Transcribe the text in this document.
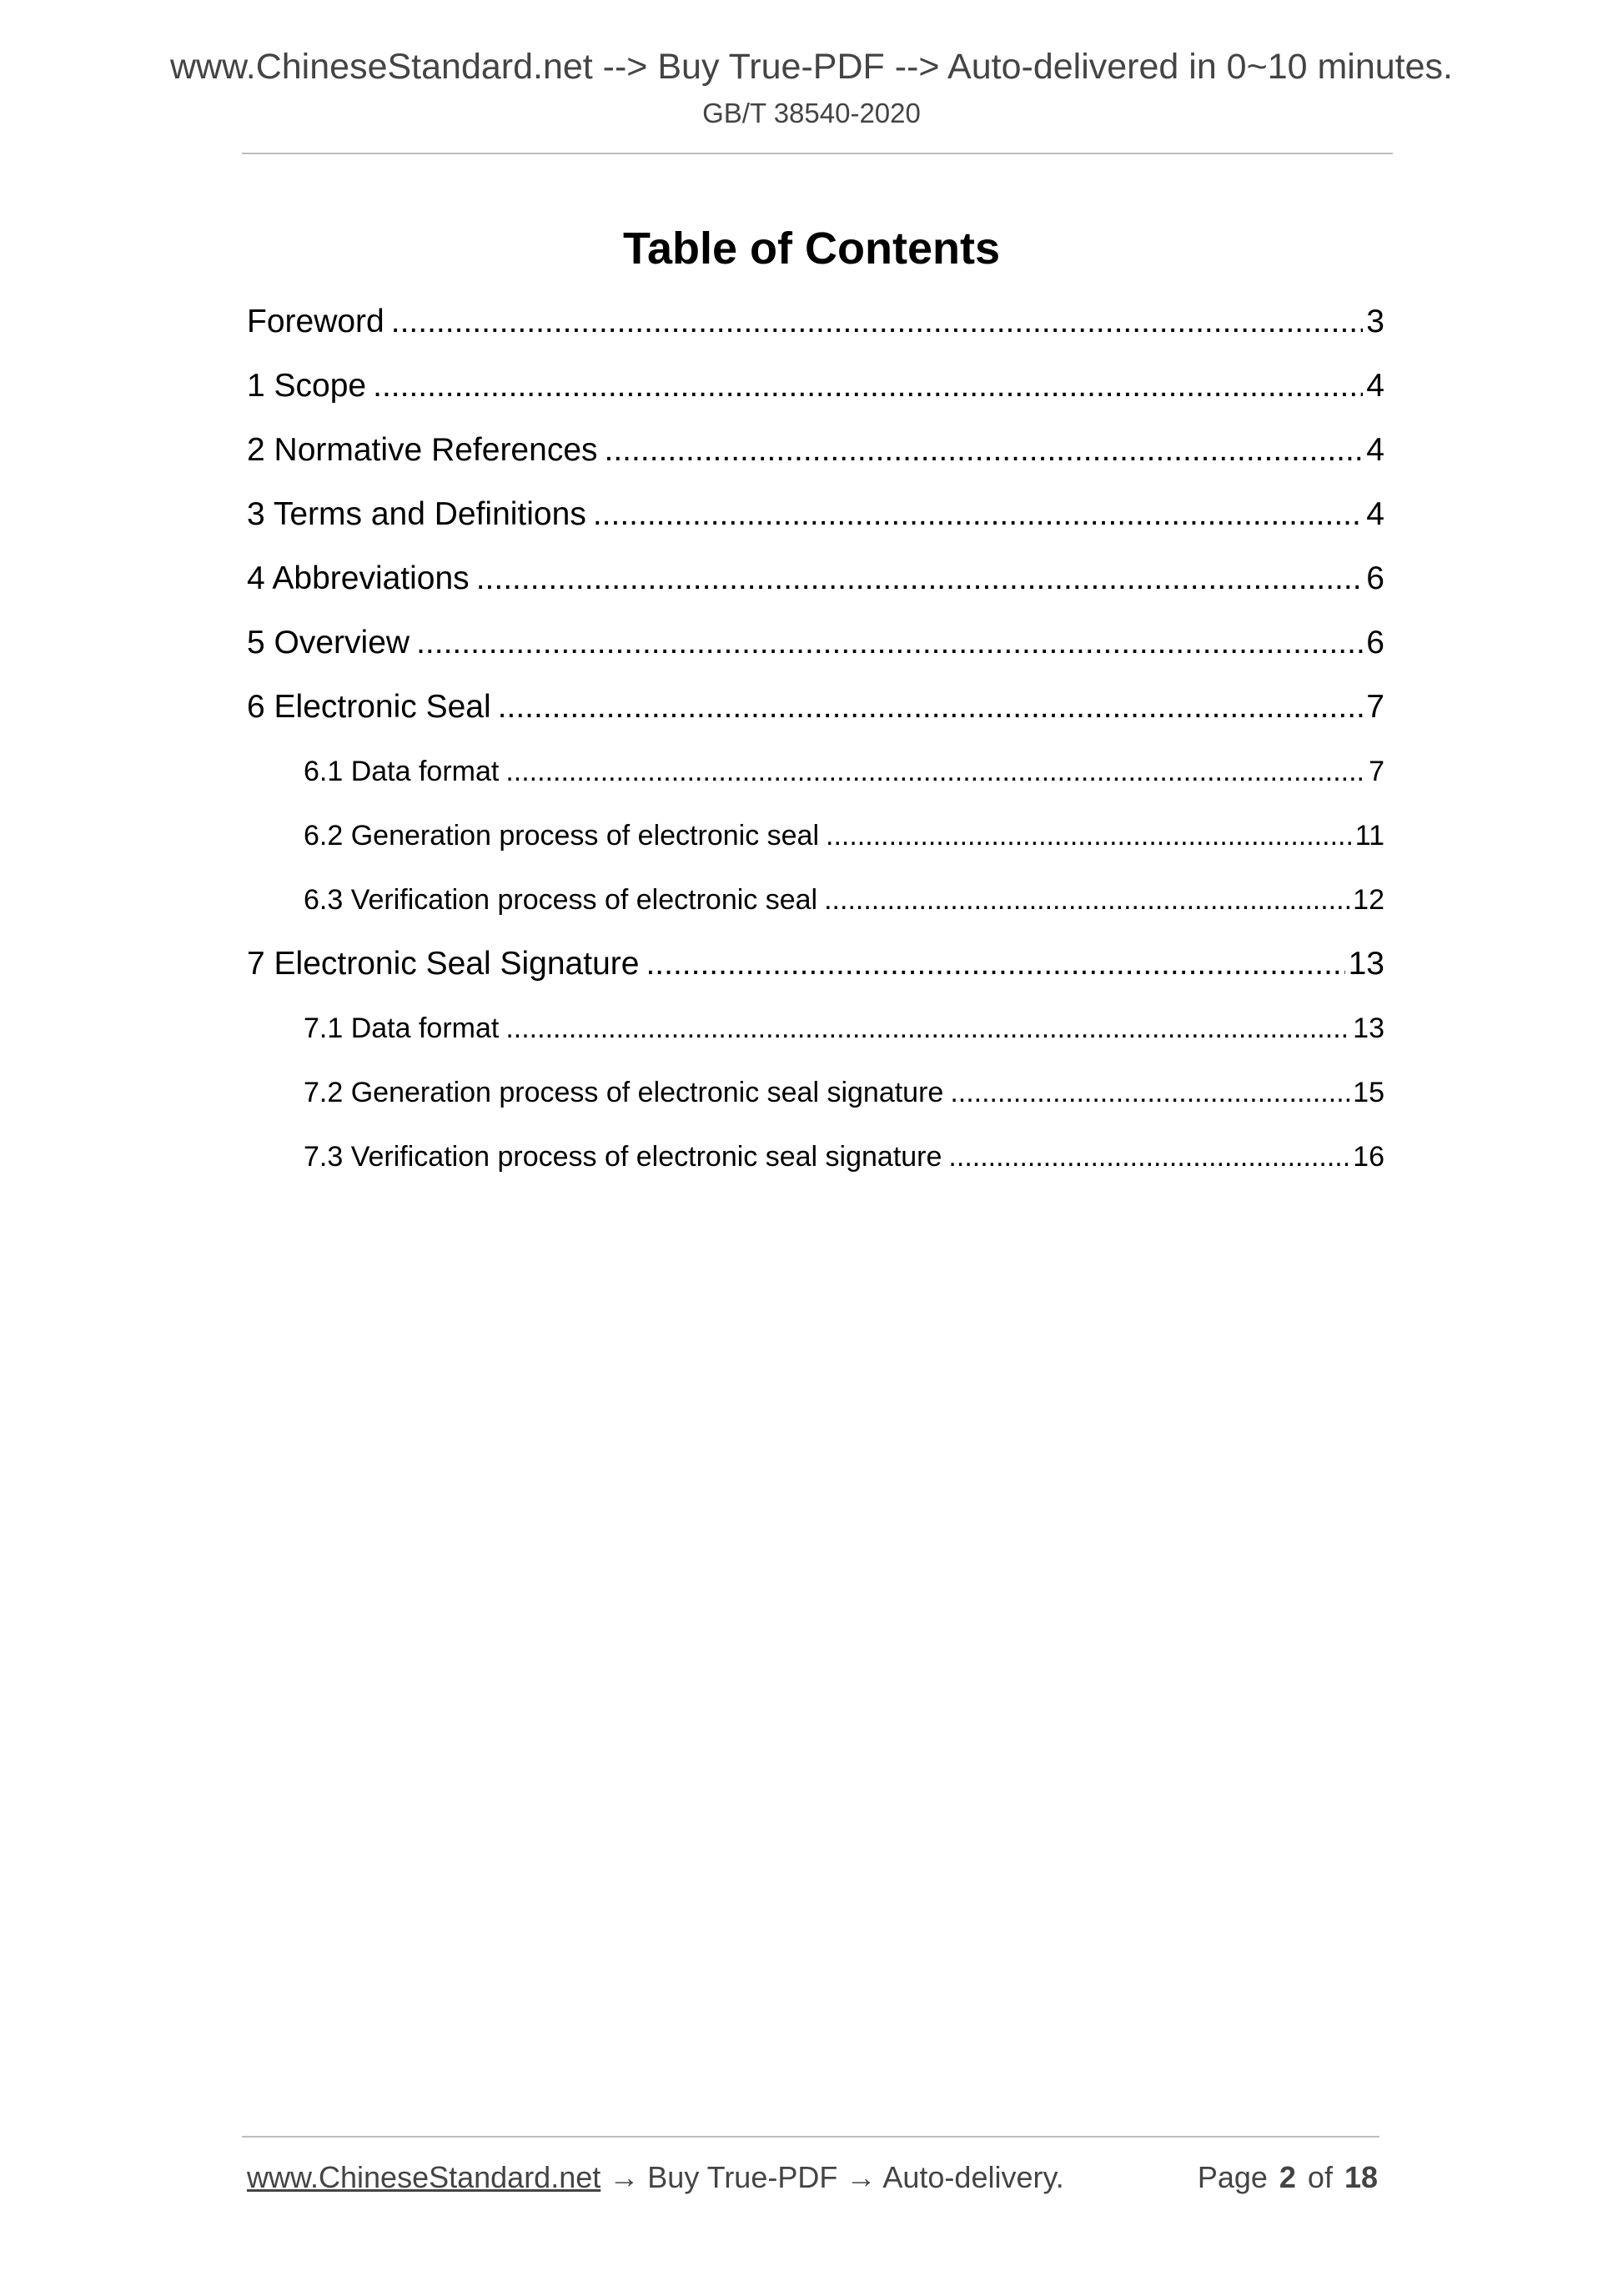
www.ChineseStandard.net --> Buy True-PDF --> Auto-delivered in 0~10 minutes.
GB/T 38540-2020
Table of Contents
Foreword .....	3
1 Scope .....	4
2 Normative References .....	4
3 Terms and Definitions .....	4
4 Abbreviations .....	6
5 Overview .....	6
6 Electronic Seal .....	7
6.1 Data format .....	7
6.2 Generation process of electronic seal .....	11
6.3 Verification process of electronic seal .....	12
7 Electronic Seal Signature .....	13
7.1 Data format .....	13
7.2 Generation process of electronic seal signature .....	15
7.3 Verification process of electronic seal signature .....	16
www.ChineseStandard.net → Buy True-PDF → Auto-delivery.	Page 2 of 18
